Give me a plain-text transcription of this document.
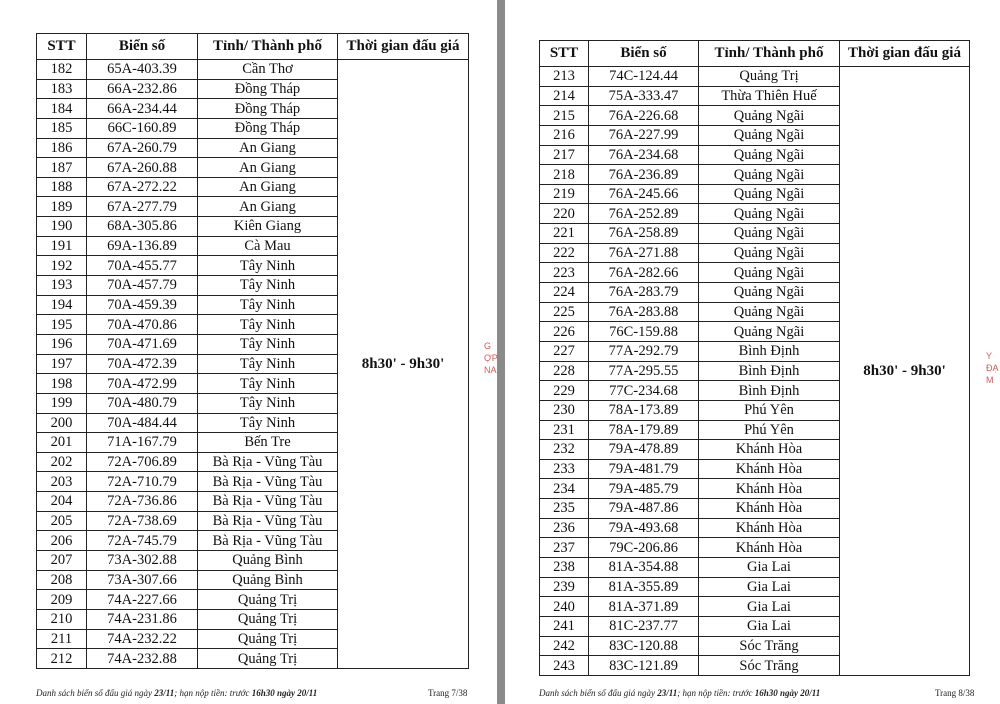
STT	Biển số	Tỉnh/ Thành phố	Thời gian đấu giá
182	65A-403.39	Cần Thơ	8h30' - 9h30'
183	66A-232.86	Đồng Tháp	
184	66A-234.44	Đồng Tháp	
185	66C-160.89	Đồng Tháp	
186	67A-260.79	An Giang	
187	67A-260.88	An Giang	
188	67A-272.22	An Giang	
189	67A-277.79	An Giang	
190	68A-305.86	Kiên Giang	
191	69A-136.89	Cà Mau	
192	70A-455.77	Tây Ninh	
193	70A-457.79	Tây Ninh	
194	70A-459.39	Tây Ninh	
195	70A-470.86	Tây Ninh	
196	70A-471.69	Tây Ninh	
197	70A-472.39	Tây Ninh	
198	70A-472.99	Tây Ninh	
199	70A-480.79	Tây Ninh	
200	70A-484.44	Tây Ninh	
201	71A-167.79	Bến Tre	
202	72A-706.89	Bà Rịa - Vũng Tàu	
203	72A-710.79	Bà Rịa - Vũng Tàu	
204	72A-736.86	Bà Rịa - Vũng Tàu	
205	72A-738.69	Bà Rịa - Vũng Tàu	
206	72A-745.79	Bà Rịa - Vũng Tàu	
207	73A-302.88	Quảng Bình	
208	73A-307.66	Quảng Bình	
209	74A-227.66	Quảng Trị	
210	74A-231.86	Quảng Trị	
211	74A-232.22	Quảng Trị	
212	74A-232.88	Quảng Trị	
Danh sách biển số đấu giá ngày 23/11; hạn nộp tiền: trước 16h30 ngày 20/11	Trang 7/38
G
ỢP
NA
STT	Biển số	Tỉnh/ Thành phố	Thời gian đấu giá
213	74C-124.44	Quảng Trị	8h30' - 9h30'
214	75A-333.47	Thừa Thiên Huế	
215	76A-226.68	Quảng Ngãi	
216	76A-227.99	Quảng Ngãi	
217	76A-234.68	Quảng Ngãi	
218	76A-236.89	Quảng Ngãi	
219	76A-245.66	Quảng Ngãi	
220	76A-252.89	Quảng Ngãi	
221	76A-258.89	Quảng Ngãi	
222	76A-271.88	Quảng Ngãi	
223	76A-282.66	Quảng Ngãi	
224	76A-283.79	Quảng Ngãi	
225	76A-283.88	Quảng Ngãi	
226	76C-159.88	Quảng Ngãi	
227	77A-292.79	Bình Định	
228	77A-295.55	Bình Định	
229	77C-234.68	Bình Định	
230	78A-173.89	Phú Yên	
231	78A-179.89	Phú Yên	
232	79A-478.89	Khánh Hòa	
233	79A-481.79	Khánh Hòa	
234	79A-485.79	Khánh Hòa	
235	79A-487.86	Khánh Hòa	
236	79A-493.68	Khánh Hòa	
237	79C-206.86	Khánh Hòa	
238	81A-354.88	Gia Lai	
239	81A-355.89	Gia Lai	
240	81A-371.89	Gia Lai	
241	81C-237.77	Gia Lai	
242	83C-120.88	Sóc Trăng	
243	83C-121.89	Sóc Trăng	
Danh sách biển số đấu giá ngày 23/11; hạn nộp tiền: trước 16h30 ngày 20/11	Trang 8/38
Y
ĐẠ
M
